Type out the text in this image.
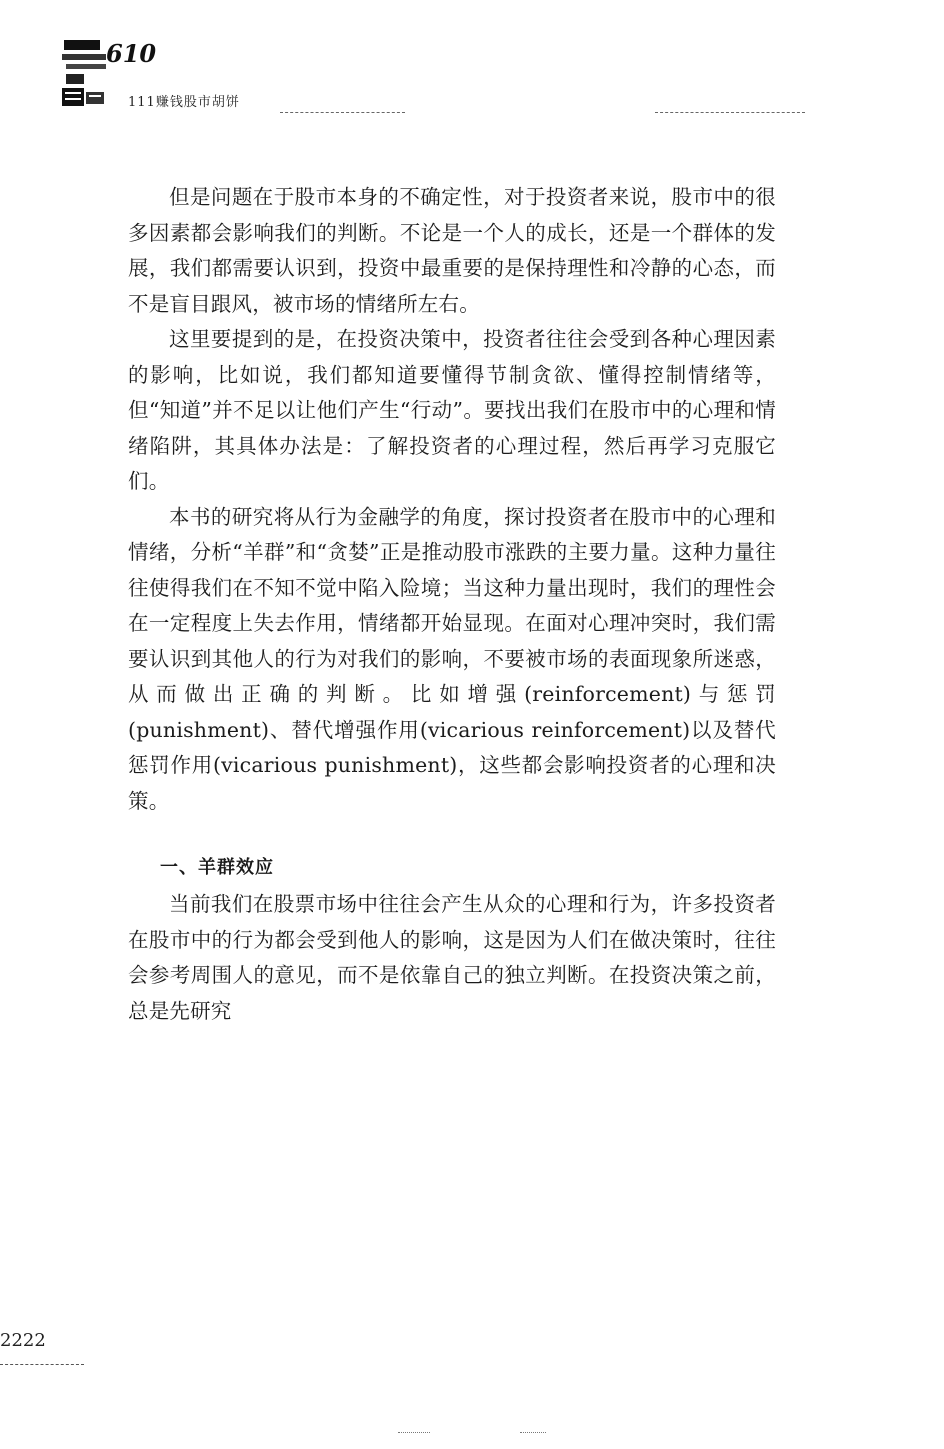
610
111赚钱股市胡饼

但是问题在于股市本身的不确定性，对于投资者来说，股市中的很多因素都会影响我们的判断。不论是一个人的成长，还是一个群体的发展，我们都需要认识到，投资中最重要的是保持理性和冷静的心态，而不是盲目跟风，被市场的情绪所左右。

这里要提到的是，在投资决策中，投资者往往会受到各种心理因素的影响，比如说，我们都知道要懂得节制贪欲、懂得控制情绪等，但“知道”并不足以让他们产生“行动”。要找出我们在股市中的心理和情绪陷阱，其具体办法是：了解投资者的心理过程，然后再学习克服它们。

本书的研究将从行为金融学的角度，探讨投资者在股市中的心理和情绪，分析“羊群”和“贪婪”正是推动股市涨跌的主要力量。这种力量往往使得我们在不知不觉中陷入险境；当这种力量出现时，我们的理性会在一定程度上失去作用，情绪都开始显现。在面对心理冲突时，我们需要认识到其他人的行为对我们的影响，不要被市场的表面现象所迷惑，从而做出正确的判断。比如增强(reinforcement)与惩罚(punishment)、替代增强作用(vicarious reinforcement)以及替代惩罚作用(vicarious punishment)，这些都会影响投资者的心理和决策。

一、羊群效应

当前我们在股票市场中往往会产生从众的心理和行为，许多投资者在股市中的行为都会受到他人的影响，这是因为人们在做决策时，往往会参考周围人的意见，而不是依靠自己的独立判断。在投资决策之前，总是先研究

2222
